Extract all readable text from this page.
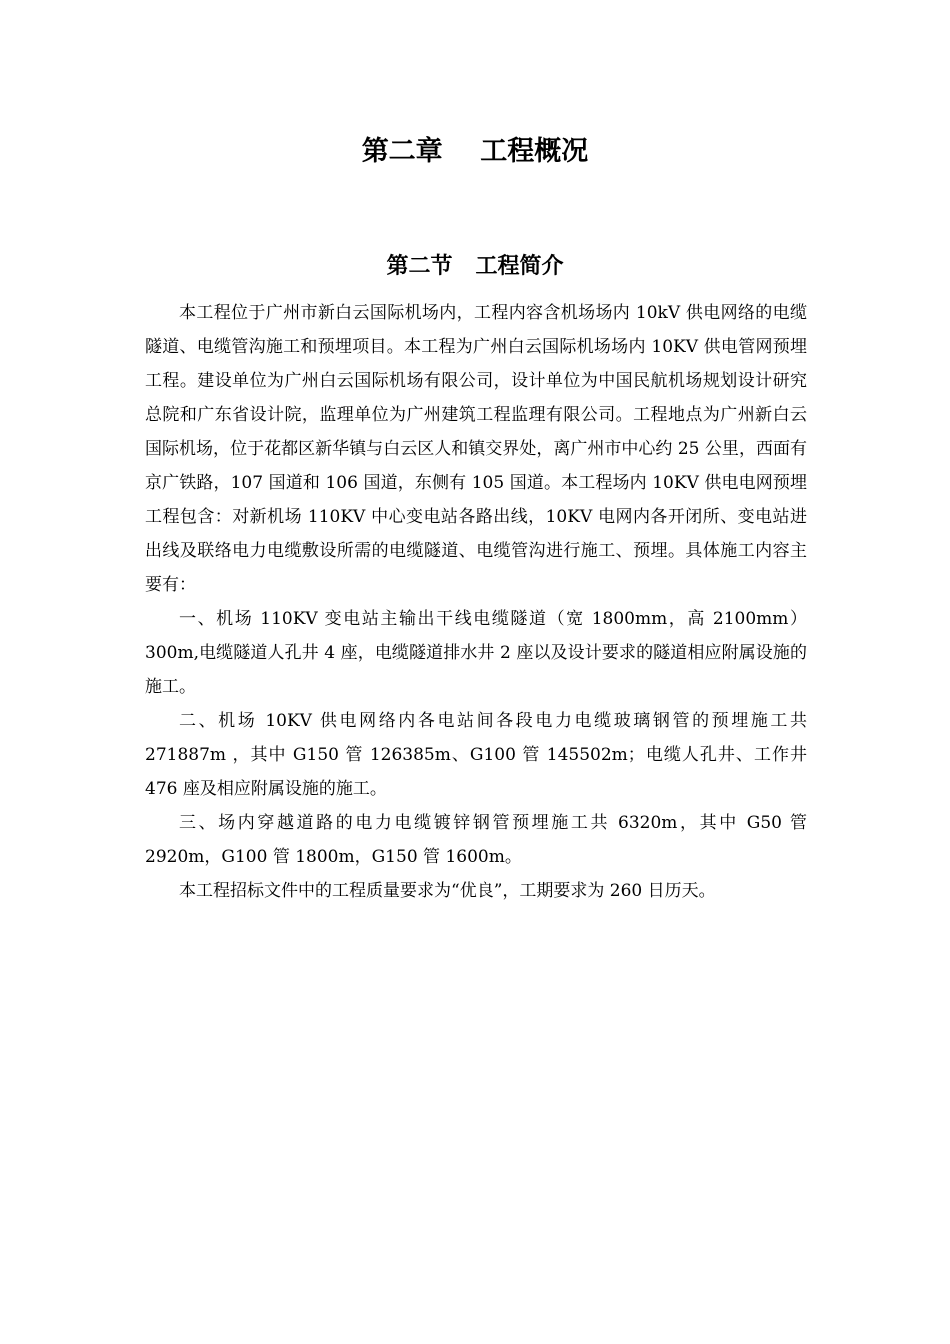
第二章    工程概况
第二节   工程简介

本工程位于广州市新白云国际机场内，工程内容含机场场内 10kV 供电网络的电缆隧道、电缆管沟施工和预埋项目。本工程为广州白云国际机场场内 10KV 供电管网预埋工程。建设单位为广州白云国际机场有限公司，设计单位为中国民航机场规划设计研究总院和广东省设计院，监理单位为广州建筑工程监理有限公司。工程地点为广州新白云国际机场，位于花都区新华镇与白云区人和镇交界处，离广州市中心约 25 公里，西面有京广铁路，107 国道和 106 国道，东侧有 105 国道。本工程场内 10KV 供电电网预埋工程包含：对新机场 110KV 中心变电站各路出线，10KV 电网内各开闭所、变电站进出线及联络电力电缆敷设所需的电缆隧道、电缆管沟进行施工、预埋。具体施工内容主要有：

一、机场 110KV 变电站主输出干线电缆隧道（宽 1800mm，高 2100mm）300m,电缆隧道人孔井 4 座，电缆隧道排水井 2 座以及设计要求的隧道相应附属设施的施工。

二、机场 10KV 供电网络内各电站间各段电力电缆玻璃钢管的预埋施工共 271887m ，其中 G150 管 126385m、G100 管 145502m；电缆人孔井、工作井 476 座及相应附属设施的施工。

三、场内穿越道路的电力电缆镀锌钢管预埋施工共 6320m，其中 G50 管 2920m，G100 管 1800m，G150 管 1600m。

本工程招标文件中的工程质量要求为“优良”，工期要求为 260 日历天。
